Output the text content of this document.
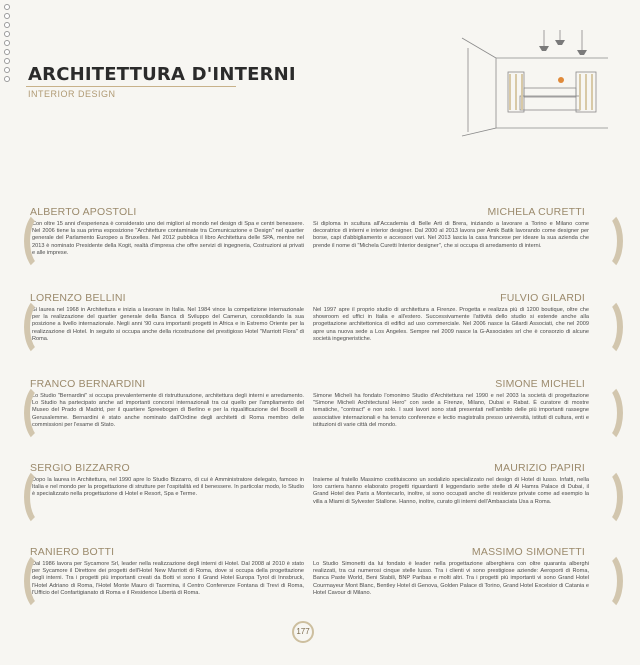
ARCHITETTURA D'INTERNI

INTERIOR DESIGN

ALBERTO APOSTOLI

Con oltre 15 anni d'esperienza è considerato uno dei migliori al mondo nel design di Spa e centri benessere. Nel 2006 tiene la sua prima esposizione "Architetture contaminate tra Comunicazione e Design" nel quartier generale del Parlamento Europeo a Bruxelles. Nel 2012 pubblica il libro Architettura delle SPA, mentre nel 2013 è nominato Presidente della Kogit, realtà d'impresa che offre servizi di ingegneria, Costruzioni ai privati e alle imprese.

LORENZO BELLINI

Si laurea nel 1968 in Architettura e inizia a lavorare in Italia. Nel 1984 vince la competizione internazionale per la realizzazione del quartier generale della Banca di Sviluppo del Camerun, consolidando la sua posizione a livello internazionale. Negli anni '90 cura importanti progetti in Africa e in Estremo Oriente per la realizzazione di Hotel. In seguito si occupa anche della ricostruzione del prestigioso Hotel "Marriott Flora" di Roma.

FRANCO BERNARDINI

Lo Studio "Bernardini" si occupa prevalentemente di ristrutturazione, architettura degli interni e arredamento. Lo Studio ha partecipato anche ad importanti concorsi internazionali tra cui quello per l'ampliamento del Museo del Prado di Madrid, per il quartiere Spreebogen di Berlino e per la riqualificazione del Bocelli di Gerusalemme. Bernardini è stato anche nominato dall'Ordine degli architetti di Roma membro delle commissioni per l'esame di Stato.

SERGIO BIZZARRO

Dopo la laurea in Architettura, nel 1990 apre lo Studio Bizzarro, di cui è Amministratore delegato, famoso in Italia e nel mondo per la progettazione di strutture per l'ospitalità ed il benessere. In particolar modo, lo Studio è specializzato nella progettazione di Hotel e Resort, Spa e Terme.

RANIERO BOTTI

Dal 1986 lavora per Sycamore Srl, leader nella realizzazione degli interni di Hotel. Dal 2008 al 2010 è stato per Sycamore il Direttore dei progetti dell'Hotel New Marriott di Roma, dove si occupa della progettazione degli interni. Tra i progetti più importanti creati da Botti vi sono il Grand Hotel Europa Tyrol di Innsbruck, l'Hotel Adriano di Roma, l'Hotel Monte Mauro di Taormina, il Centro Conferenze Fontana di Trevi di Roma, l'Ufficio del Confartigianato di Roma e il Residence Libertà di Roma.

MICHELA CURETTI

Si diploma in scultura all'Accademia di Belle Arti di Brera, iniziando a lavorare a Torino e Milano come decoratrice di interni e interior designer. Dal 2000 al 2013 lavora per Amik Batik lavorando come designer per borse, capi d'abbigliamento e accessori vari. Nel 2013 lascia la casa francese per ideare la sua azienda che prende il nome di "Michela Curetti Interior designer", che si occupa di arredamento di interni.

FULVIO GILARDI

Nel 1997 apre il proprio studio di architettura a Firenze. Progetta e realizza più di 1200 boutique, oltre che showroom ed uffici in Italia e all'estero. Successivamente l'attività dello studio si estende anche alla progettazione architettonica di edifici ad uso commerciale. Nel 2006 nasce la Gilardi Associati, che nel 2009 apre una nuova sede a Los Angeles. Sempre nel 2009 nasce la G-Associates srl che è consorzio di alcune società ingegneristiche.

SIMONE MICHELI

Simone Micheli ha fondato l'omonimo Studio d'Architettura nel 1990 e nel 2003 la società di progettazione "Simone Micheli Architectural Hero" con sede a Firenze, Milano, Dubai e Rabat. È curatore di mostre tematiche, "contract" e non solo. I suoi lavori sono stati presentati nell'ambito delle più importanti rassegne associative internazionali e ha tenuto conferenze e lectio magistralis presso università, istituti di cultura, enti e istituzioni di varie città del mondo.

MAURIZIO PAPIRI

Insieme al fratello Massimo costituiscono un sodalizio specializzato nel design di Hotel di lusso. Infatti, nella loro carriera hanno elaborato progetti riguardanti il leggendario sette stelle di Al Hamra Palace di Dubai, il Grand Hotel des Paris a Montecarlo, inoltre, si sono occupati anche di residenze private come ad esempio la villa a Miami di Sylvester Stallone. Hanno, inoltre, curato gli interni dell'Ambasciata Usa a Roma.

MASSIMO SIMONETTI

Lo Studio Simonetti da lui fondato è leader nella progettazione alberghiera con oltre quaranta alberghi realizzati, tra cui numerosi cinque stelle lusso. Tra i clienti vi sono prestigiose aziende: Aeroporti di Roma, Banca Paste World, Beni Stabili, BNP Paribas e molti altri. Tra i progetti più importanti vi sono Grand Hotel Courmayeur Mont Blanc, Bentley Hotel di Genova, Golden Palace di Torino, Grand Hotel Excelsior di Catania e Hotel Cavour di Milano.

177
